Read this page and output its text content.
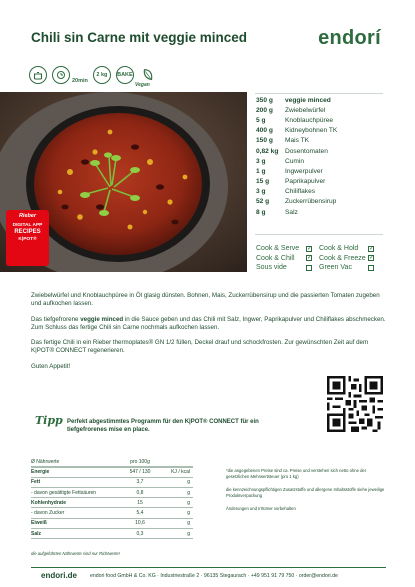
Chili sin Carne mit veggie minced	endorí
20min
2 kg BAKE
Vegan
Rieber
DIGITAL APP
RECIPES
K|POT®
350 g	veggie minced
200 g	Zwiebelwürfel
5 g	Knoblauchpüree
400 g	Kidneybohnen TK
150 g	Mais TK
0,82 kg	Dosentomaten
3 g	Cumin
1 g	Ingwerpulver
15 g	Paprikapulver
3 g	Chiliflakes
52 g	Zuckerrübensirup
8 g	Salz
Cook & Serve ✓ Cook & Hold ✓
Cook & Chill ✓ Cook & Freeze ✓
Sous vide	Green Vac

Zwiebelwürfel und Knoblauchpüree in Öl glasig dünsten. Bohnen, Mais, Zuckerrübensirup und die passierten Tomaten zugeben und aufkochen lassen.

Das tiefgefrorene veggie minced in die Sauce geben und das Chili mit Salz, Ingwer, Paprikapulver und Chiliflakes abschmecken. Zum Schluss das fertige Chili sin Carne nochmals aufkochen lassen.

Das fertige Chili in ein Rieber thermoplates® GN 1/2 füllen, Deckel drauf und schockfrosten. Zur gewünschten Zeit auf dem K|POT® CONNECT regenerieren.

Guten Appetit!

Tipp Perfekt abgestimmtes Programm für den K|POT® CONNECT für ein tiefgefrorenes mise en place.
Ø Nährwerte	pro 100g
Energie	547 / 130	KJ / kcal
Fett	3,7	g
- davon gesättigte Fettsäuren	0,8	g
Kohlenhydrate	15	g
- davon Zucker	5,4	g
Eiweiß	10,6	g
Salz	0,3	g
die aufgeführten Nährwerte sind nur Richtwerte!

*die angegebenen Preise sind ca. Preise und verstehen sich netto ohne der gesetzlichen Mehrwertsteuer (pro 1 kg)

die kennzeichnungspflichtigen Zusatzstoffe und allergene Inhaltsstoffe siehe jeweilige Produktverpackung

Änderungen und Irrtümer vorbehalten

endori.de endori food GmbH & Co. KG · Industriestraße 2 · 96135 Stegaurach · +49 951 91 79 750 · order@endori.de
